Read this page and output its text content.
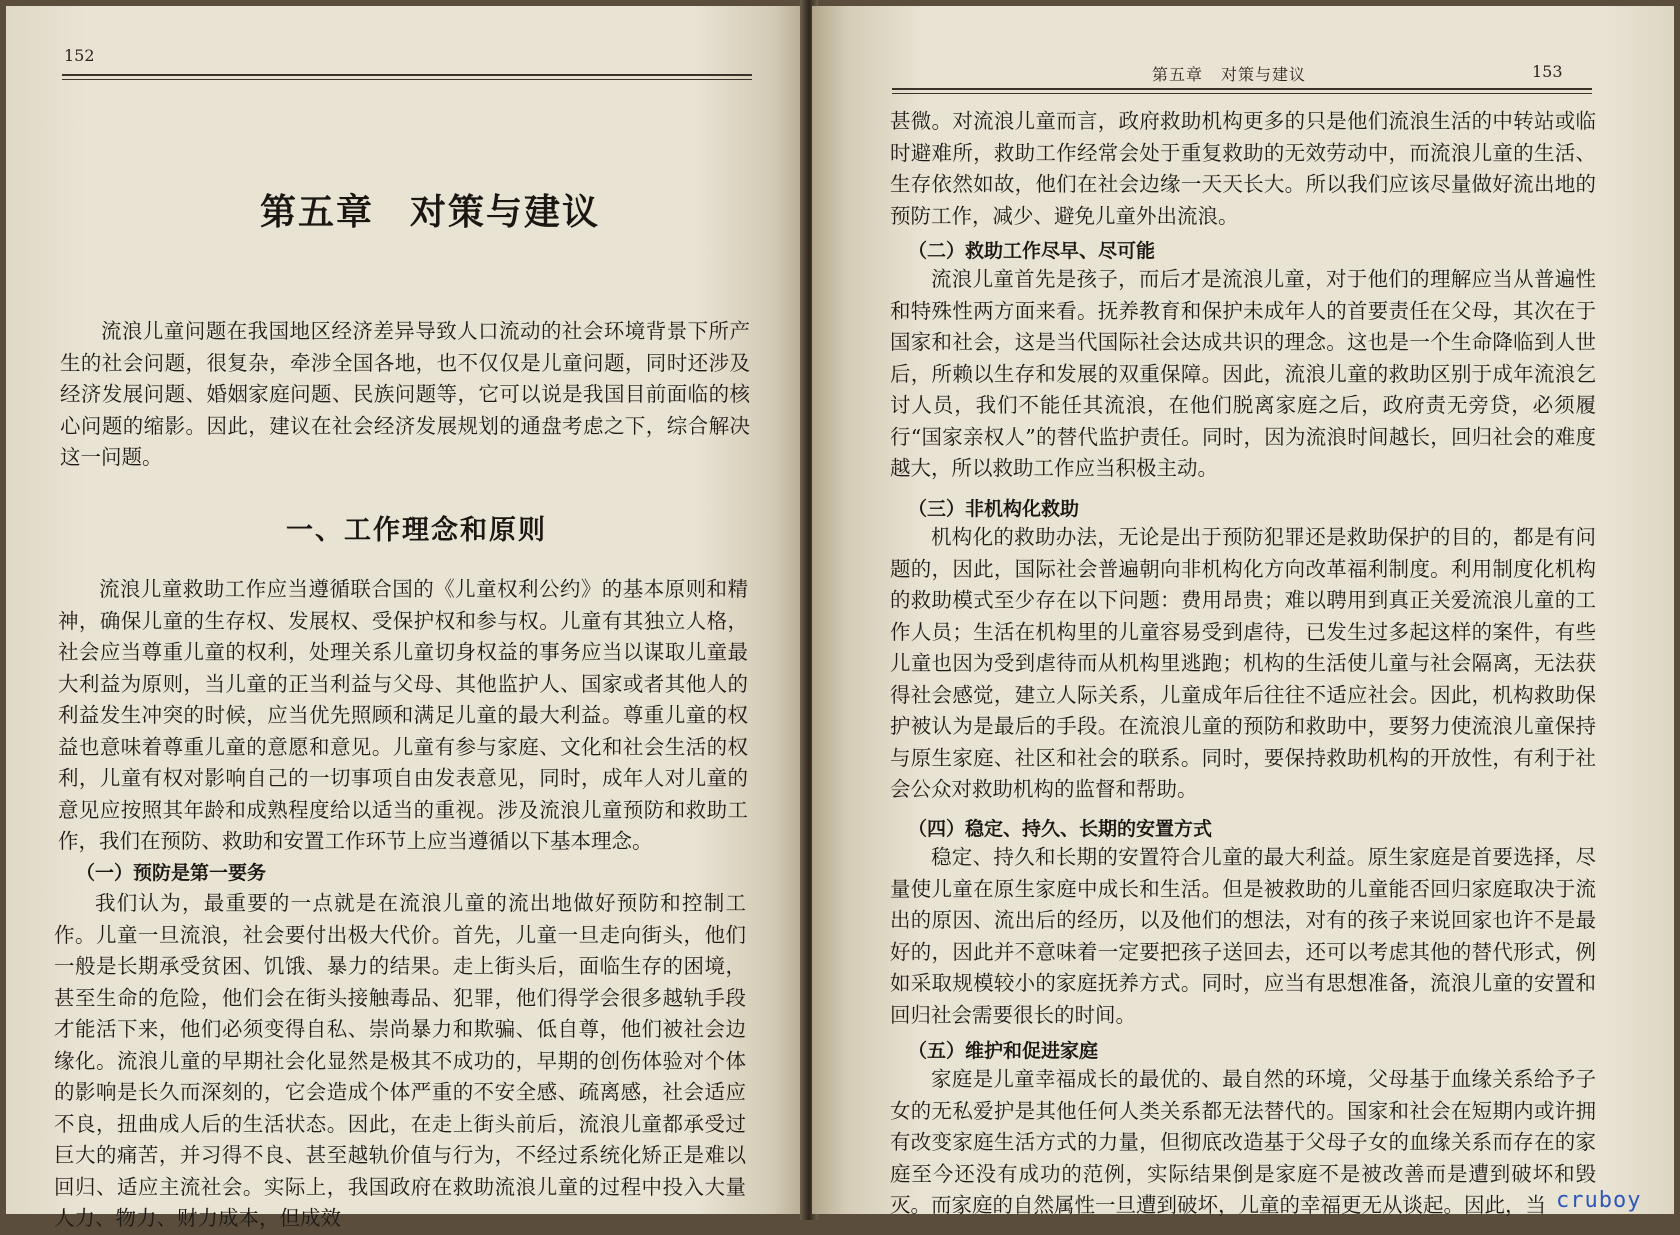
152
第五章 对策与建议

流浪儿童问题在我国地区经济差异导致人口流动的社会环境背景下所产生的社会问题，很复杂，牵涉全国各地，也不仅仅是儿童问题，同时还涉及经济发展问题、婚姻家庭问题、民族问题等，它可以说是我国目前面临的核心问题的缩影。因此，建议在社会经济发展规划的通盘考虑之下，综合解决这一问题。

一、工作理念和原则

流浪儿童救助工作应当遵循联合国的《儿童权利公约》的基本原则和精神，确保儿童的生存权、发展权、受保护权和参与权。儿童有其独立人格，社会应当尊重儿童的权利，处理关系儿童切身权益的事务应当以谋取儿童最大利益为原则，当儿童的正当利益与父母、其他监护人、国家或者其他人的利益发生冲突的时候，应当优先照顾和满足儿童的最大利益。尊重儿童的权益也意味着尊重儿童的意愿和意见。儿童有参与家庭、文化和社会生活的权利，儿童有权对影响自己的一切事项自由发表意见，同时，成年人对儿童的意见应按照其年龄和成熟程度给以适当的重视。涉及流浪儿童预防和救助工作，我们在预防、救助和安置工作环节上应当遵循以下基本理念。

（一）预防是第一要务

我们认为，最重要的一点就是在流浪儿童的流出地做好预防和控制工作。儿童一旦流浪，社会要付出极大代价。首先，儿童一旦走向街头，他们一般是长期承受贫困、饥饿、暴力的结果。走上街头后，面临生存的困境，甚至生命的危险，他们会在街头接触毒品、犯罪，他们得学会很多越轨手段才能活下来，他们必须变得自私、崇尚暴力和欺骗、低自尊，他们被社会边缘化。流浪儿童的早期社会化显然是极其不成功的，早期的创伤体验对个体的影响是长久而深刻的，它会造成个体严重的不安全感、疏离感，社会适应不良，扭曲成人后的生活状态。因此，在走上街头前后，流浪儿童都承受过巨大的痛苦，并习得不良、甚至越轨价值与行为，不经过系统化矫正是难以回归、适应主流社会。实际上，我国政府在救助流浪儿童的过程中投入大量人力、物力、财力成本，但成效

第五章 对策与建议	153

甚微。对流浪儿童而言，政府救助机构更多的只是他们流浪生活的中转站或临时避难所，救助工作经常会处于重复救助的无效劳动中，而流浪儿童的生活、生存依然如故，他们在社会边缘一天天长大。所以我们应该尽量做好流出地的预防工作，减少、避免儿童外出流浪。

（二）救助工作尽早、尽可能

流浪儿童首先是孩子，而后才是流浪儿童，对于他们的理解应当从普遍性和特殊性两方面来看。抚养教育和保护未成年人的首要责任在父母，其次在于国家和社会，这是当代国际社会达成共识的理念。这也是一个生命降临到人世后，所赖以生存和发展的双重保障。因此，流浪儿童的救助区别于成年流浪乞讨人员，我们不能任其流浪，在他们脱离家庭之后，政府责无旁贷，必须履行“国家亲权人”的替代监护责任。同时，因为流浪时间越长，回归社会的难度越大，所以救助工作应当积极主动。

（三）非机构化救助

机构化的救助办法，无论是出于预防犯罪还是救助保护的目的，都是有问题的，因此，国际社会普遍朝向非机构化方向改革福利制度。利用制度化机构的救助模式至少存在以下问题：费用昂贵；难以聘用到真正关爱流浪儿童的工作人员；生活在机构里的儿童容易受到虐待，已发生过多起这样的案件，有些儿童也因为受到虐待而从机构里逃跑；机构的生活使儿童与社会隔离，无法获得社会感觉，建立人际关系，儿童成年后往往不适应社会。因此，机构救助保护被认为是最后的手段。在流浪儿童的预防和救助中，要努力使流浪儿童保持与原生家庭、社区和社会的联系。同时，要保持救助机构的开放性，有利于社会公众对救助机构的监督和帮助。

（四）稳定、持久、长期的安置方式

稳定、持久和长期的安置符合儿童的最大利益。原生家庭是首要选择，尽量使儿童在原生家庭中成长和生活。但是被救助的儿童能否回归家庭取决于流出的原因、流出后的经历，以及他们的想法，对有的孩子来说回家也许不是最好的，因此并不意味着一定要把孩子送回去，还可以考虑其他的替代形式，例如采取规模较小的家庭抚养方式。同时，应当有思想准备，流浪儿童的安置和回归社会需要很长的时间。

（五）维护和促进家庭

家庭是儿童幸福成长的最优的、最自然的环境，父母基于血缘关系给予子女的无私爱护是其他任何人类关系都无法替代的。国家和社会在短期内或许拥有改变家庭生活方式的力量，但彻底改造基于父母子女的血缘关系而存在的家庭至今还没有成功的范例，实际结果倒是家庭不是被改善而是遭到破坏和毁灭。而家庭的自然属性一旦遭到破坏，儿童的幸福更无从谈起。因此，当 cruboy
